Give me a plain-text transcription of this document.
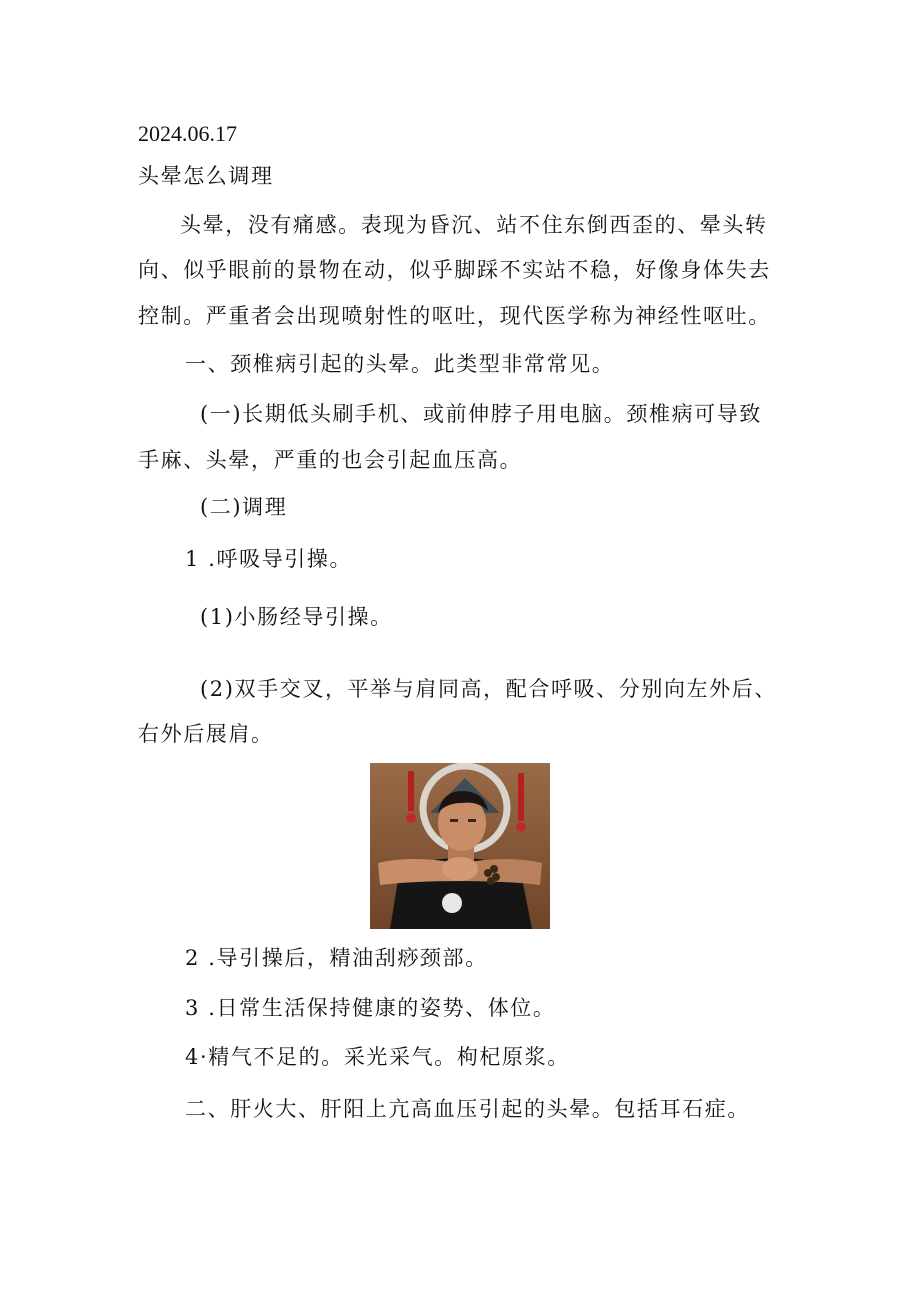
2024.06.17
头晕怎么调理
头晕，没有痛感。表现为昏沉、站不住东倒西歪的、晕头转
向、似乎眼前的景物在动，似乎脚踩不实站不稳，好像身体失去
控制。严重者会出现喷射性的呕吐，现代医学称为神经性呕吐。
一、颈椎病引起的头晕。此类型非常常见。
(一)长期低头刷手机、或前伸脖子用电脑。颈椎病可导致
手麻、头晕，严重的也会引起血压高。
(二)调理
1 .呼吸导引操。
(1)小肠经导引操。
(2)双手交叉，平举与肩同高，配合呼吸、分别向左外后、
右外后展肩。
2 .导引操后，精油刮痧颈部。
3 .日常生活保持健康的姿势、体位。
4·精气不足的。采光采气。枸杞原浆。
二、肝火大、肝阳上亢高血压引起的头晕。包括耳石症。
